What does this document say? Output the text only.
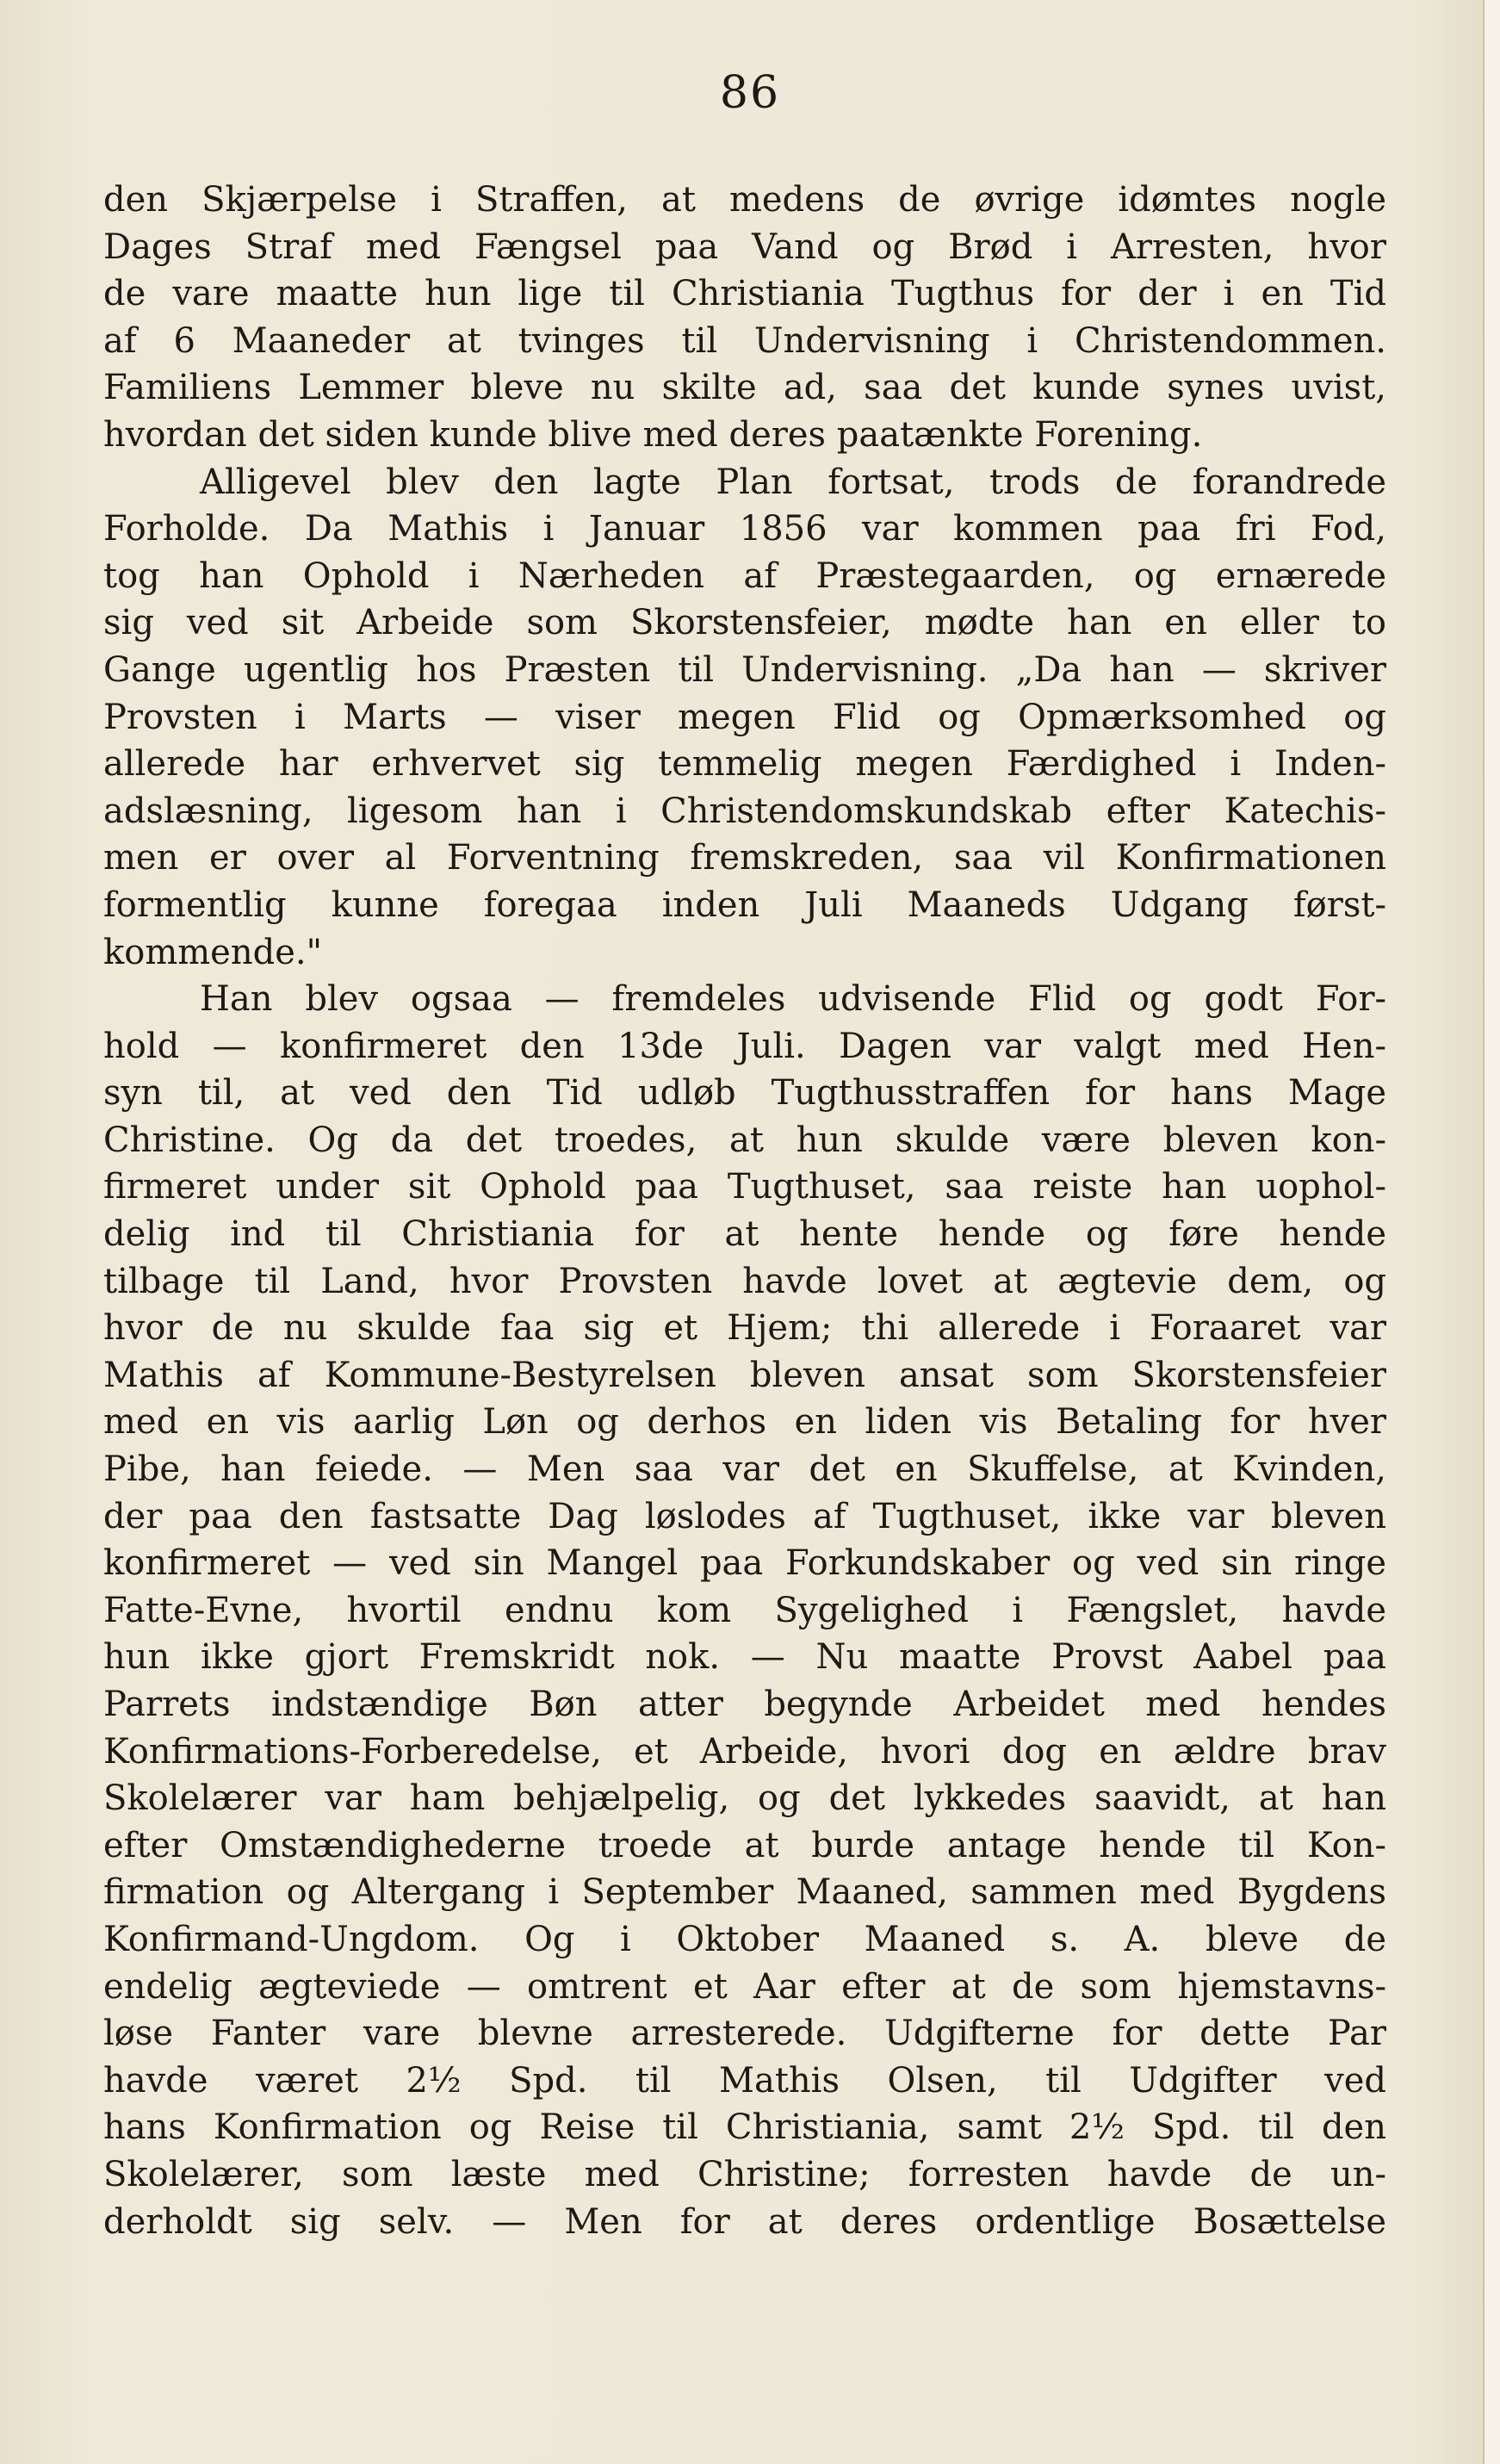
86
den Skjærpelse i Straffen, at medens de øvrige idømtes nogle
Dages Straf med Fængsel paa Vand og Brød i Arresten, hvor
de vare maatte hun lige til Christiania Tugthus for der i en Tid
af 6 Maaneder at tvinges til Undervisning i Christendommen.
Familiens Lemmer bleve nu skilte ad, saa det kunde synes uvist,
hvordan det siden kunde blive med deres paatænkte Forening.
Alligevel blev den lagte Plan fortsat, trods de forandrede
Forholde. Da Mathis i Januar 1856 var kommen paa fri Fod,
tog han Ophold i Nærheden af Præstegaarden, og ernærede
sig ved sit Arbeide som Skorstensfeier, mødte han en eller to
Gange ugentlig hos Præsten til Undervisning. „Da han — skriver
Provsten i Marts — viser megen Flid og Opmærksomhed og
allerede har erhvervet sig temmelig megen Færdighed i Inden-
adslæsning, ligesom han i Christendomskundskab efter Katechis-
men er over al Forventning fremskreden, saa vil Konfirmationen
formentlig kunne foregaa inden Juli Maaneds Udgang først-
kommende."
Han blev ogsaa — fremdeles udvisende Flid og godt For-
hold — konfirmeret den 13de Juli. Dagen var valgt med Hen-
syn til, at ved den Tid udløb Tugthusstraffen for hans Mage
Christine. Og da det troedes, at hun skulde være bleven kon-
firmeret under sit Ophold paa Tugthuset, saa reiste han uophol-
delig ind til Christiania for at hente hende og føre hende
tilbage til Land, hvor Provsten havde lovet at ægtevie dem, og
hvor de nu skulde faa sig et Hjem; thi allerede i Foraaret var
Mathis af Kommune-Bestyrelsen bleven ansat som Skorstensfeier
med en vis aarlig Løn og derhos en liden vis Betaling for hver
Pibe, han feiede. — Men saa var det en Skuffelse, at Kvinden,
der paa den fastsatte Dag løslodes af Tugthuset, ikke var bleven
konfirmeret — ved sin Mangel paa Forkundskaber og ved sin ringe
Fatte-Evne, hvortil endnu kom Sygelighed i Fængslet, havde
hun ikke gjort Fremskridt nok. — Nu maatte Provst Aabel paa
Parrets indstændige Bøn atter begynde Arbeidet med hendes
Konfirmations-Forberedelse, et Arbeide, hvori dog en ældre brav
Skolelærer var ham behjælpelig, og det lykkedes saavidt, at han
efter Omstændighederne troede at burde antage hende til Kon-
firmation og Altergang i September Maaned, sammen med Bygdens
Konfirmand-Ungdom. Og i Oktober Maaned s. A. bleve de
endelig ægteviede — omtrent et Aar efter at de som hjemstavns-
løse Fanter vare blevne arresterede. Udgifterne for dette Par
havde været 2½ Spd. til Mathis Olsen, til Udgifter ved
hans Konfirmation og Reise til Christiania, samt 2½ Spd. til den
Skolelærer, som læste med Christine; forresten havde de un-
derholdt sig selv. — Men for at deres ordentlige Bosættelse
